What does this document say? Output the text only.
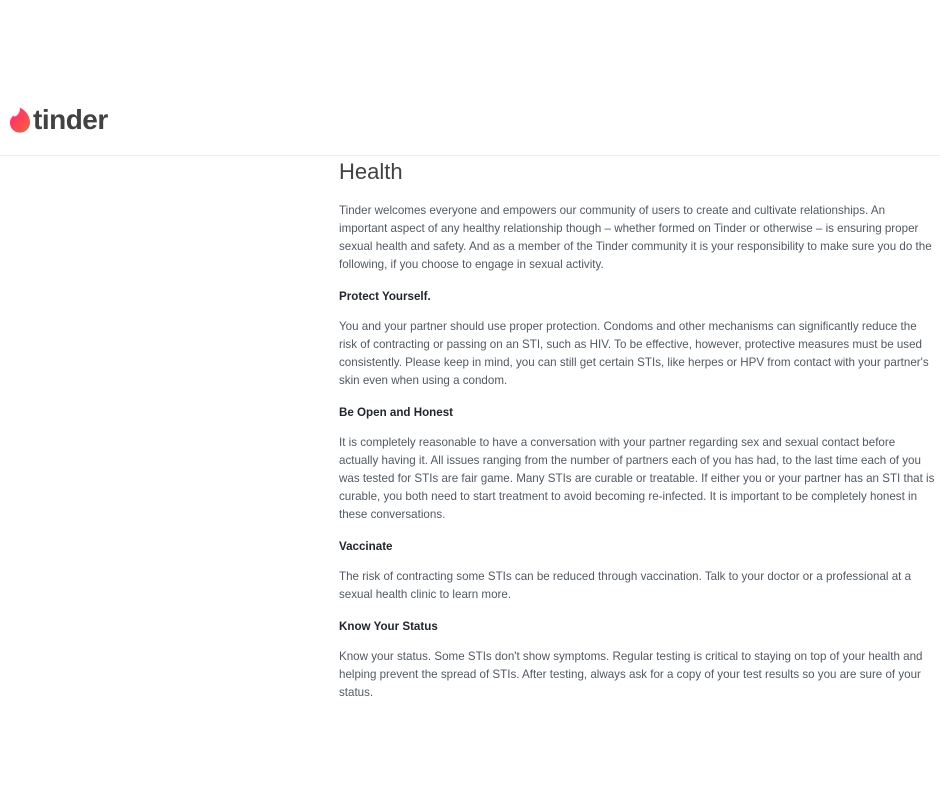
tinder
Health

Tinder welcomes everyone and empowers our community of users to create and cultivate relationships. An important aspect of any healthy relationship though – whether formed on Tinder or otherwise – is ensuring proper sexual health and safety. And as a member of the Tinder community it is your responsibility to make sure you do the following, if you choose to engage in sexual activity.

Protect Yourself.

You and your partner should use proper protection. Condoms and other mechanisms can significantly reduce the risk of contracting or passing on an STI, such as HIV. To be effective, however, protective measures must be used consistently. Please keep in mind, you can still get certain STIs, like herpes or HPV from contact with your partner's skin even when using a condom.

Be Open and Honest

It is completely reasonable to have a conversation with your partner regarding sex and sexual contact before actually having it. All issues ranging from the number of partners each of you has had, to the last time each of you was tested for STIs are fair game. Many STIs are curable or treatable. If either you or your partner has an STI that is curable, you both need to start treatment to avoid becoming re-infected. It is important to be completely honest in these conversations.

Vaccinate

The risk of contracting some STIs can be reduced through vaccination. Talk to your doctor or a professional at a sexual health clinic to learn more.

Know Your Status

Know your status. Some STIs don't show symptoms. Regular testing is critical to staying on top of your health and helping prevent the spread of STIs. After testing, always ask for a copy of your test results so you are sure of your status.
